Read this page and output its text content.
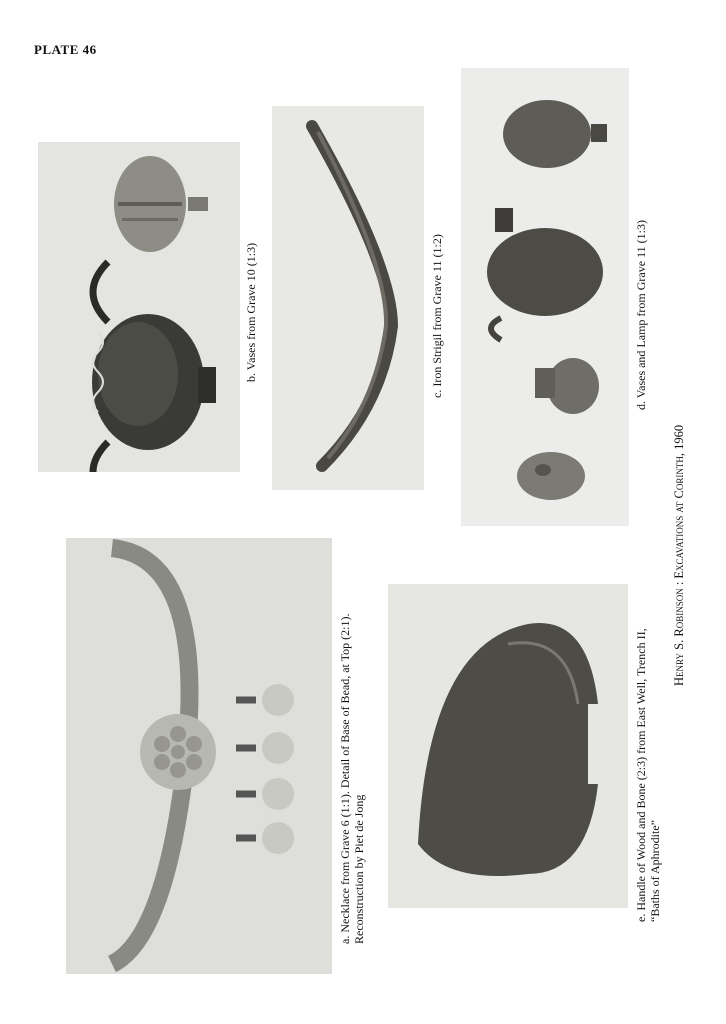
PLATE 46
b. Vases from Grave 10 (1:3)	c. Iron Strigil from Grave 11 (1:2)	d. Vases and Lamp from Grave 11 (1:3)
a. Necklace from Grave 6 (1:1). Detail of Base of Bead, at Top (2:1). Reconstruction by Piet de Jong	e. Handle of Wood and Bone (2:3) from East Well, Trench II, “Baths of Aphrodite”
Henry S. Robinson : Excavations at Corinth, 1960
